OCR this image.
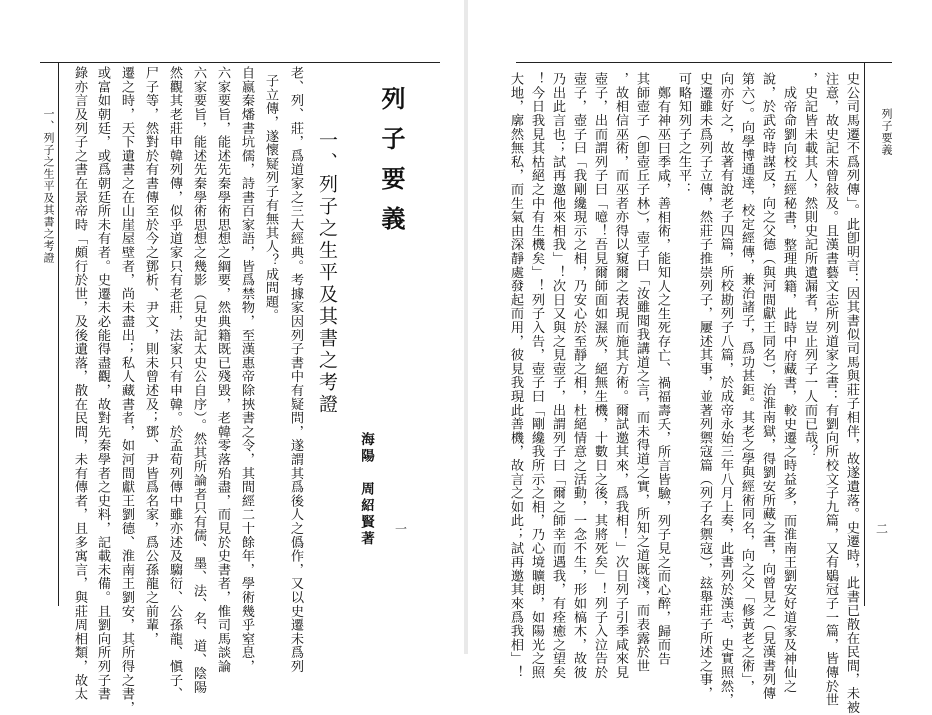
一、列子之生平及其書之考證
一
列子要義
一、列子之生平及其書之考證
海陽　周紹賢著
老、列、莊，爲道家之三大經典。考據家因列子書中有疑問，遂謂其爲後人之僞作，又以史遷未爲列
子立傳，遂懷疑列子有無其人？成問題。
自嬴秦燔書坑儒，詩書百家語，皆爲禁物，至漢惠帝除挾書之令，其間經二十餘年，學術幾乎窒息，
六家要旨，能述先秦學術思想之綱要，然典籍既已殘毀，老韓零落殆盡，而見於史書者，惟司馬談論
六家要旨，能述先秦學術思想之幾影（見史記太史公自序）。然其所論者只有儒、墨、法、名、道、陰陽
然觀其老莊申韓列傳，似乎道家只有老莊，法家只有申韓。於孟荀列傳中雖亦述及騶衍、公孫龍、愼子、
尸子等，然對於有書傳至於今之鄧析、尹文，則未曾述及；鄧、尹皆爲名家，爲公孫龍之前輩，
遷之時，天下遺書之在山崖屋壁者，尚未盡出；私人藏書者，如河間獻王劉德、淮南王劉安，其所得之書，
或富如朝廷，或爲朝廷所未有者。史遷未必能得盡觀，故對先秦學者之史料，記載未備。且劉向所列子書
錄亦言及列子之書在景帝時「頗行於世，及後遺落，散在民間，未有傳者，且多寓言，與莊周相類，故太	列子要義
二
史公司馬遷不爲列傳」。此卽明言：因其書似司馬與莊子相伴，故遂遺落。史遷時，此書已散在民間，未被
注意，故史記未曾敍及。且漢書藝文志所列道家之書：有劉向所校文子九篇，又有鶡冠子一篇，皆傳於世
，史記皆未載其人，然則史記所遺漏者，豈止列子一人而已哉？
成帝命劉向校五經秘書，整理典籍，此時中府藏書，較史遷之時益多，而淮南王劉安好道家及神仙之
說，於武帝時謀反，向之父德（與河間獻王同名），治淮南獄，得劉安所藏之書，向曾見之（見漢書列傳
第六）。向學博通達，校定經傳，兼治諸子，爲功甚鉅。其老之學與經術同名，向之父「修黃老之術」，
向亦好之，故著有說老子四篇，所校勘列子八篇，於成帝永始三年八月上奏，此書列於漢志，史實照然，
史遷雖未爲列子立傳，然莊子推崇列子，屢述其事，並著列禦寇篇（列子名禦寇），玆舉莊子所述之事，
可略知列子之生平：
鄭有神巫曰季咸，善相術，能知人之生死存亡、禍福壽夭，所言皆驗，列子見之而心醉，歸而告
其師壺子（卽壺丘子林），壺子曰「汝雖聞我講道之言，而未得道之實，所知之道既淺，而表露於世
，故相信巫術，而巫者亦得以窺爾之表現而施其方術。爾試邀其來，爲我相！」次日列子引季咸來見
壺子，出而謂列子曰「噫！吾見爾師面如濕灰，絕無生機，十數日之後，其將死矣」！列子入泣告於
壺子，壺子曰「我剛纔現示之相，乃安心於至靜之相，杜絕情意之活動，一念不生，形如槁木，故彼
乃出此言也；試再邀他來相我」！次日又與之見壺子，出謂列子曰「爾之師幸而遇我，有痊癒之望矣
！今日我見其枯絕之中有生機矣」！列子入告，壺子曰「剛纔我所示之相，乃心境曠朗，如陽光之照
大地，廓然無私，而生氣由深靜處發起而用，彼見我現此善機，故言之如此；試再邀其來爲我相」！
